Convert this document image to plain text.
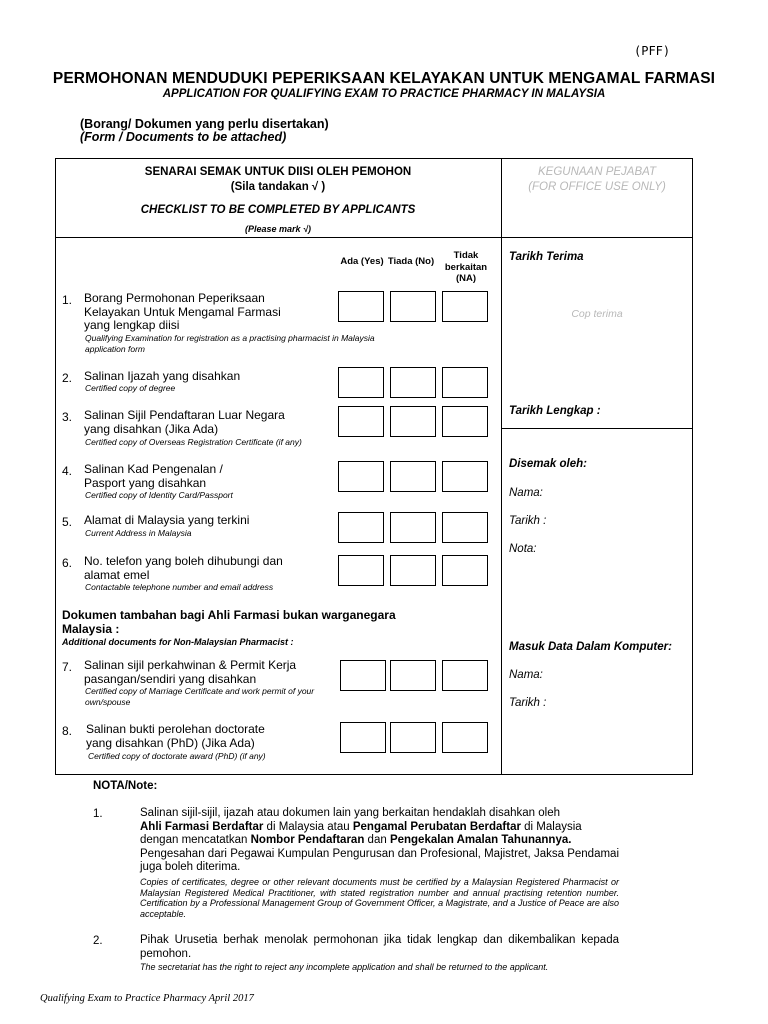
(PFF)
PERMOHONAN MENDUDUKI PEPERIKSAAN KELAYAKAN UNTUK MENGAMAL FARMASI
APPLICATION FOR QUALIFYING EXAM TO PRACTICE PHARMACY IN MALAYSIA
(Borang/ Dokumen yang perlu disertakan)
(Form / Documents to be attached)
SENARAI SEMAK UNTUK DIISI OLEH PEMOHON
(Sila tandakan √ )
CHECKLIST TO BE COMPLETED BY APPLICANTS
(Please mark √)
KEGUNAAN PEJABAT
(FOR OFFICE USE ONLY)
Ada (Yes) Tiada (No)
Tidak berkaitan (NA)
1. Borang Permohonan Peperiksaan Kelayakan Untuk Mengamal Farmasi yang lengkap diisi
Qualifying Examination for registration as a practising pharmacist in Malaysia application form
2. Salinan Ijazah yang disahkan
Certified copy of degree
3. Salinan Sijil Pendaftaran Luar Negara yang disahkan (Jika Ada)
Certified copy of Overseas Registration Certificate (if any)
4. Salinan Kad Pengenalan / Pasport yang disahkan
Certified copy of Identity Card/Passport
5. Alamat di Malaysia yang terkini
Current Address in Malaysia
6. No. telefon yang boleh dihubungi dan alamat emel
Contactable telephone number and email address
Dokumen tambahan bagi Ahli Farmasi bukan warganegara Malaysia :
Additional documents for Non-Malaysian Pharmacist :
7. Salinan sijil perkahwinan & Permit Kerja pasangan/sendiri yang disahkan
Certified copy of Marriage Certificate and work permit of your own/spouse
8. Salinan bukti perolehan doctorate yang disahkan (PhD) (Jika Ada)
Certified copy of doctorate award (PhD) (if any)
Tarikh Terima
Cop terima
Tarikh Lengkap :
Disemak oleh:
Nama:
Tarikh :
Nota:
Masuk Data Dalam Komputer:
Nama:
Tarikh :
NOTA/Note:
1.	Salinan sijil-sijil, ijazah atau dokumen lain yang berkaitan hendaklah disahkan oleh
Ahli Farmasi Berdaftar di Malaysia atau Pengamal Perubatan Berdaftar di Malaysia
dengan mencatatkan Nombor Pendaftaran dan Pengekalan Amalan Tahunannya.
Pengesahan dari Pegawai Kumpulan Pengurusan dan Profesional, Majistret, Jaksa Pendamai juga boleh diterima.
Copies of certificates, degree or other relevant documents must be certified by a Malaysian Registered Pharmacist or Malaysian Registered Medical Practitioner, with stated registration number and annual practising retention number. Certification by a Professional Management Group of Government Officer, a Magistrate, and a Justice of Peace are also acceptable.
2.	Pihak Urusetia berhak menolak permohonan jika tidak lengkap dan dikembalikan kepada pemohon.
The secretariat has the right to reject any incomplete application and shall be returned to the applicant.
Qualifying Exam to Practice Pharmacy April 2017
